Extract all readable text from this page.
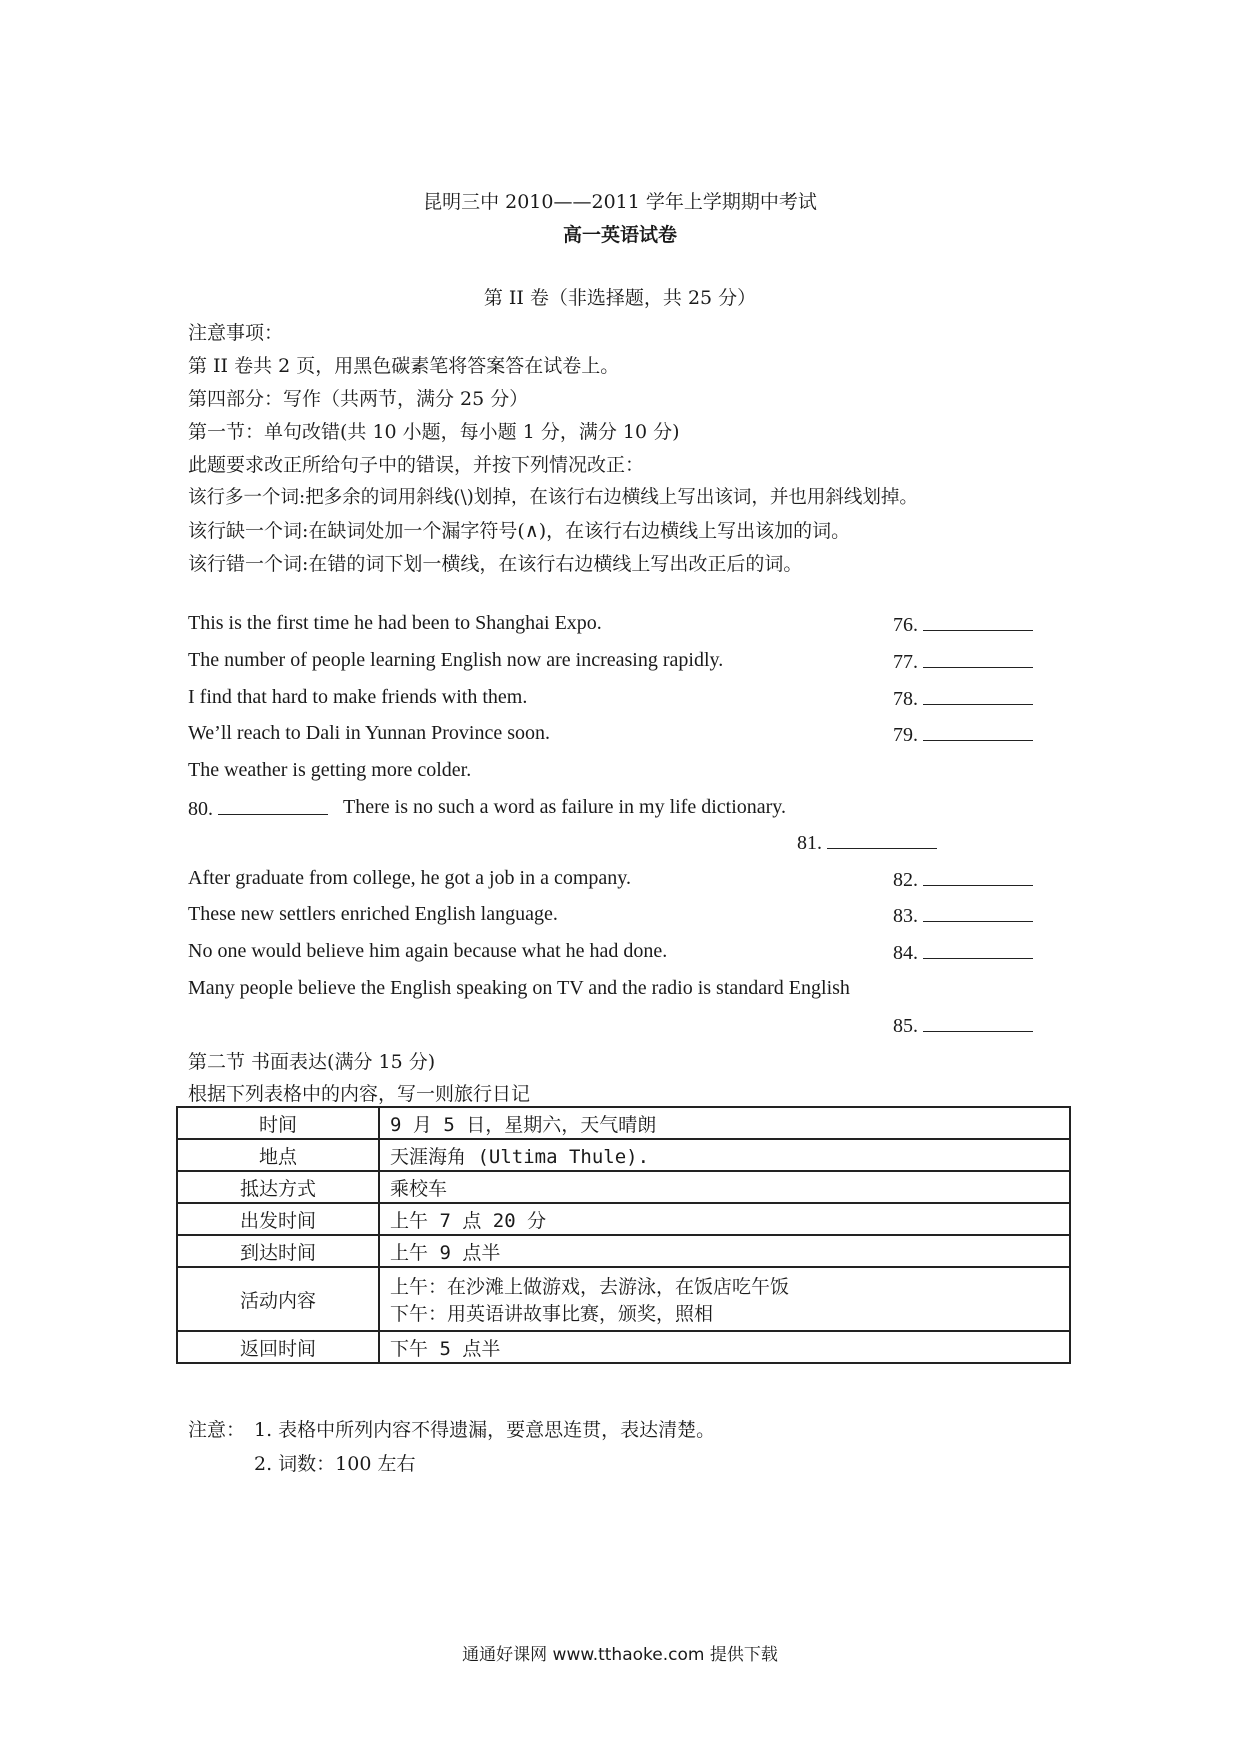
昆明三中 2010——2011 学年上学期期中考试
高一英语试卷
第 II 卷（非选择题，共 25 分）
注意事项：
第 II 卷共 2 页，用黑色碳素笔将答案答在试卷上。
第四部分：写作（共两节，满分 25 分）
第一节：单句改错(共 10 小题，每小题 1 分，满分 10 分)
此题要求改正所给句子中的错误，并按下列情况改正：
该行多一个词:把多余的词用斜线(\)划掉，在该行右边横线上写出该词，并也用斜线划掉。
该行缺一个词:在缺词处加一个漏字符号(∧)，在该行右边横线上写出该加的词。
该行错一个词:在错的词下划一横线，在该行右边横线上写出改正后的词。
This is the first time he had been to Shanghai Expo.	76.
The number of people learning English now are increasing rapidly.	77.
I find that hard to make friends with them.	78.
We’ll reach to Dali in Yunnan Province soon.	79.
The weather is getting more colder.
80.	There is no such a word as failure in my life dictionary.
81.
After graduate from college, he got a job in a company.	82.
These new settlers enriched English language.	83.
No one would believe him again because what he had done.	84.
Many people believe the English speaking on TV and the radio is standard English
85.
第二节 书面表达(满分 15 分)
根据下列表格中的内容，写一则旅行日记
时间	9 月 5 日，星期六，天气晴朗
地点	天涯海角 (Ultima Thule).
抵达方式	乘校车
出发时间	上午 7 点 20 分
到达时间	上午 9 点半
活动内容	上午：在沙滩上做游戏，去游泳，在饭店吃午饭
下午：用英语讲故事比赛，颁奖，照相

返回时间	下午 5 点半
注意： 1. 表格中所列内容不得遗漏，要意思连贯，表达清楚。
2. 词数：100 左右
通通好课网 www.tthaoke.com 提供下载
